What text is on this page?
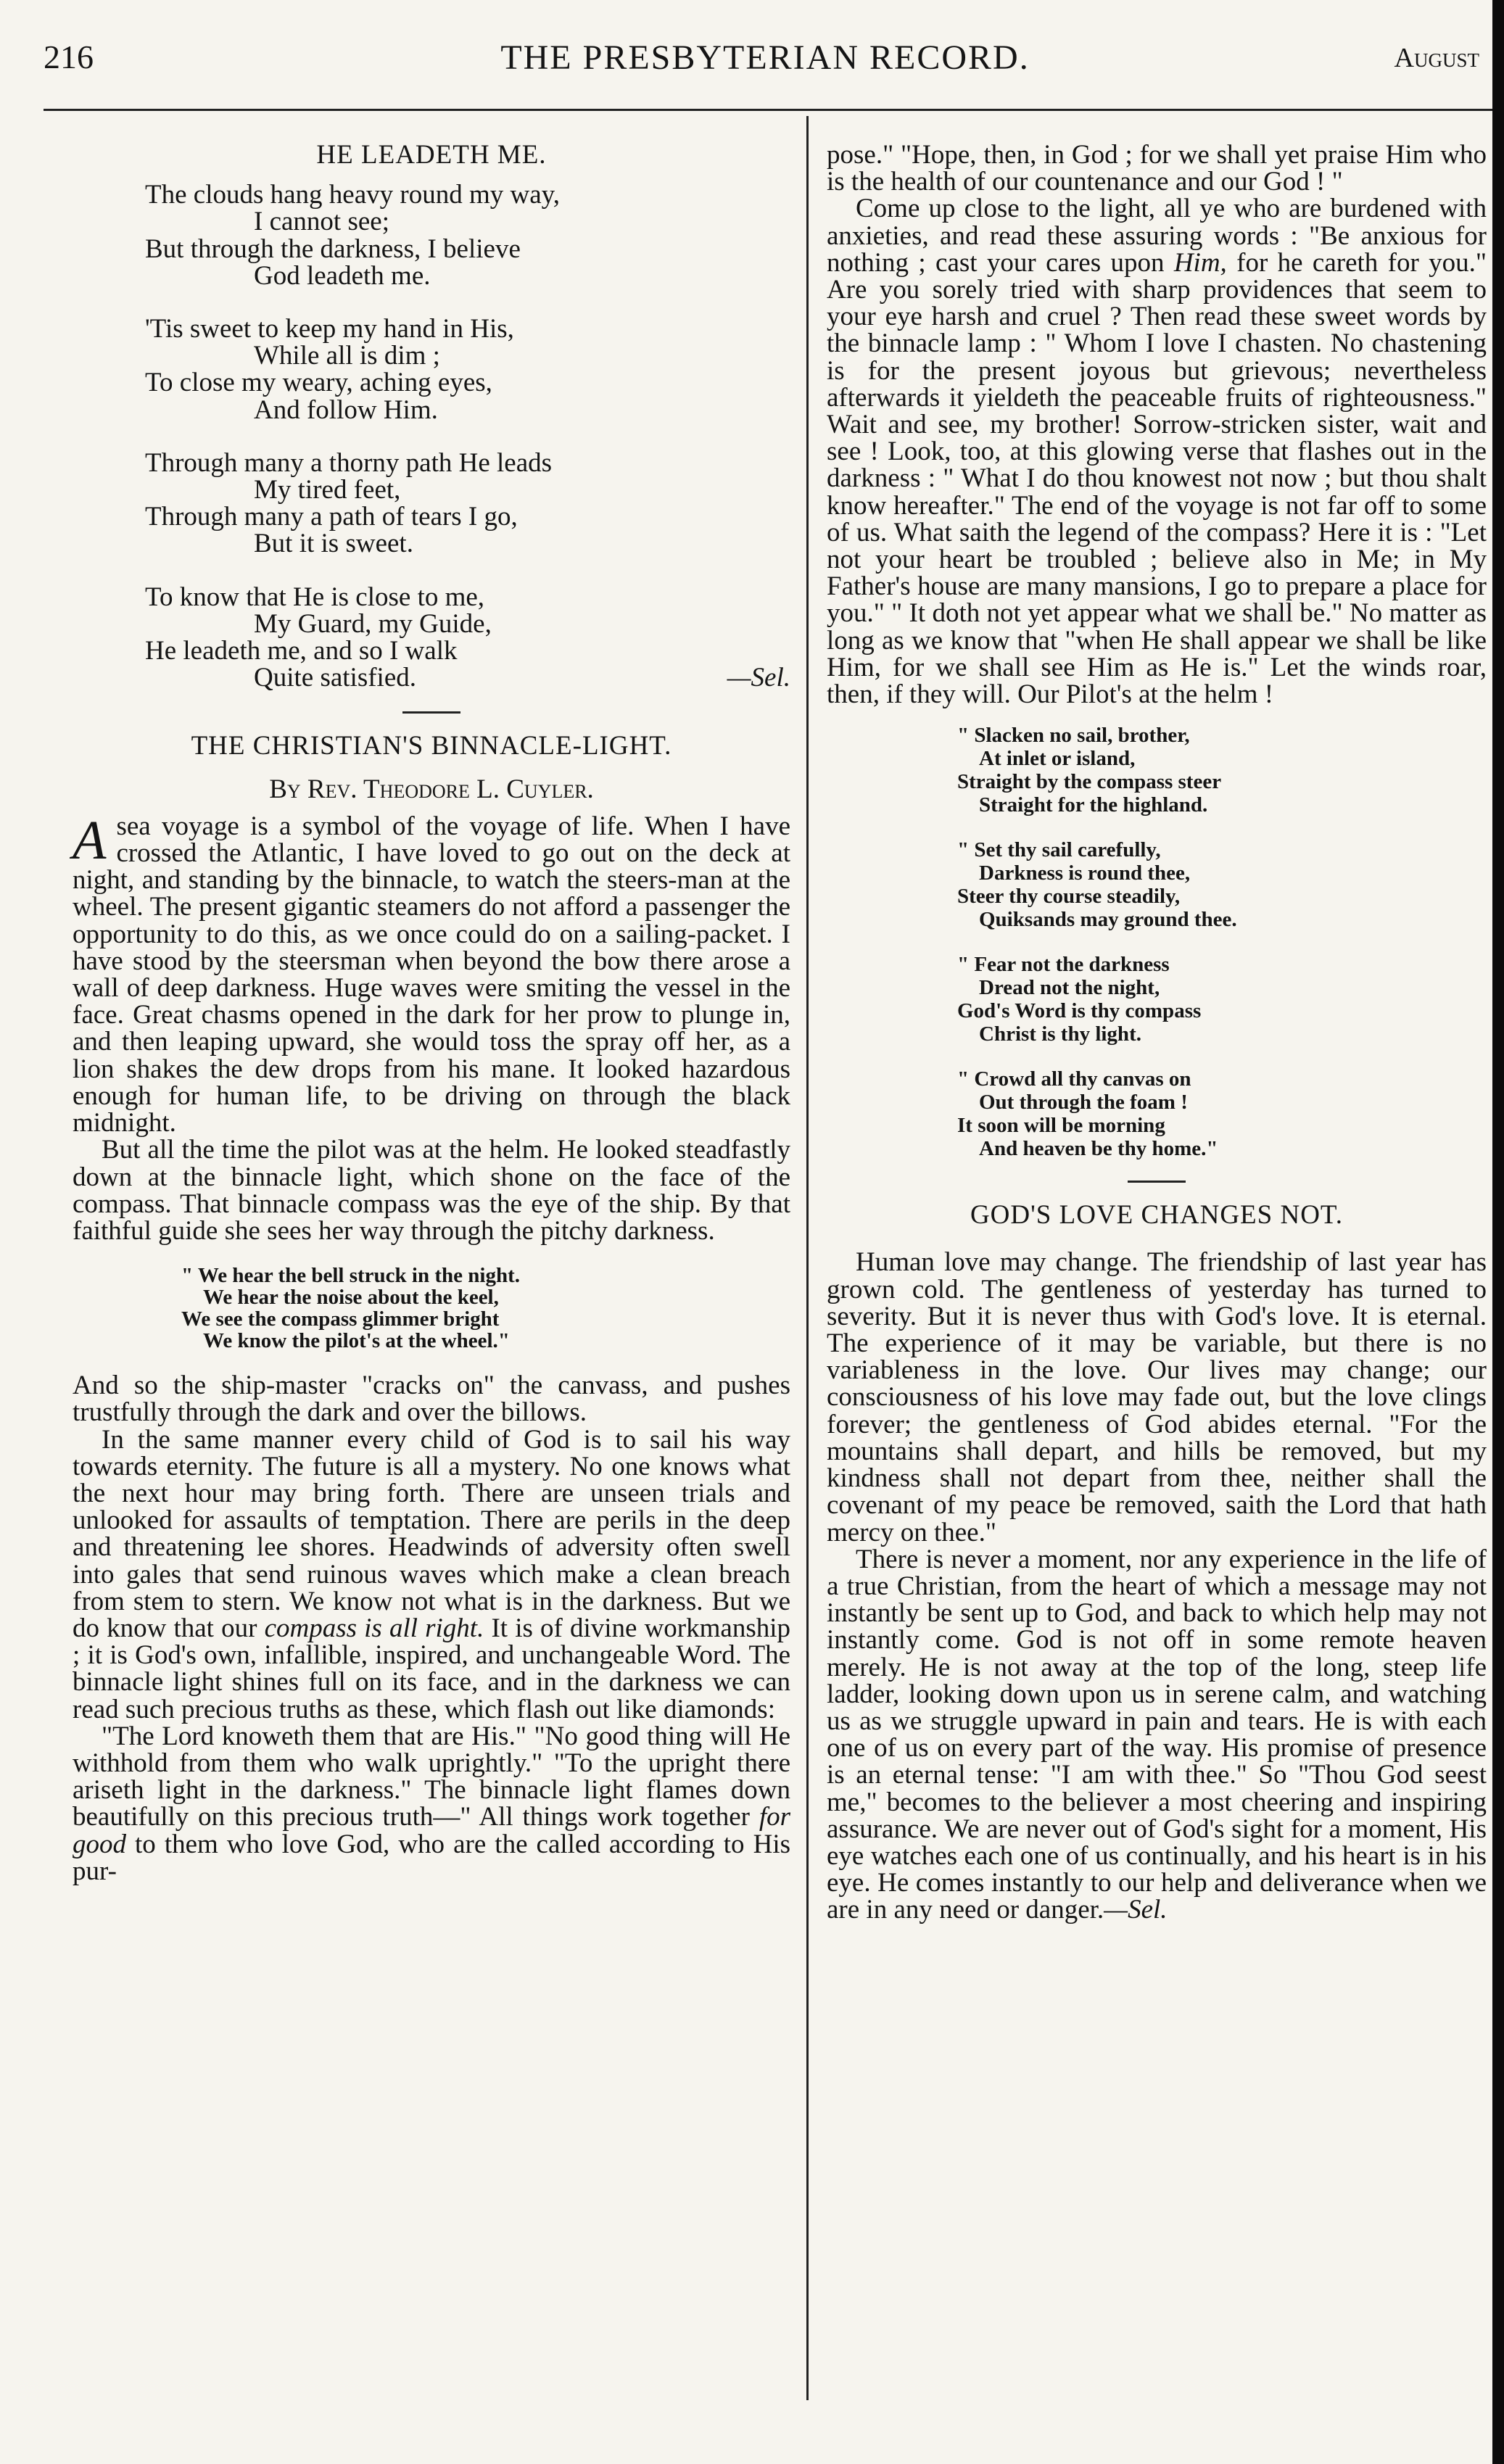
216	THE PRESBYTERIAN RECORD.	August
HE LEADETH ME.
The clouds hang heavy round my way,
I cannot see;
But through the darkness, I believe
God leadeth me.
'Tis sweet to keep my hand in His,
While all is dim ;
To close my weary, aching eyes,
And follow Him.
Through many a thorny path He leads
My tired feet,
Through many a path of tears I go,
But it is sweet.
To know that He is close to me,
My Guard, my Guide,
He leadeth me, and so I walk
Quite satisfied.	—Sel.
THE CHRISTIAN'S BINNACLE-LIGHT.
By Rev. Theodore L. Cuyler.

Asea voyage is a symbol of the voyage of life. When I have crossed the Atlantic, I have loved to go out on the deck at night, and standing by the binnacle, to watch the steers-man at the wheel. The present gigantic steamers do not afford a passenger the opportunity to do this, as we once could do on a sailing-packet. I have stood by the steersman when beyond the bow there arose a wall of deep darkness. Huge waves were smiting the vessel in the face. Great chasms opened in the dark for her prow to plunge in, and then leaping upward, she would toss the spray off her, as a lion shakes the dew drops from his mane. It looked hazardous enough for human life, to be driving on through the black midnight.

But all the time the pilot was at the helm. He looked steadfastly down at the binnacle light, which shone on the face of the compass. That binnacle compass was the eye of the ship. By that faithful guide she sees her way through the pitchy darkness.

" We hear the bell struck in the night.
We hear the noise about the keel,
We see the compass glimmer bright
We know the pilot's at the wheel."

And so the ship-master "cracks on" the canvass, and pushes trustfully through the dark and over the billows.

In the same manner every child of God is to sail his way towards eternity. The future is all a mystery. No one knows what the next hour may bring forth. There are unseen trials and unlooked for assaults of temptation. There are perils in the deep and threatening lee shores. Headwinds of adversity often swell into gales that send ruinous waves which make a clean breach from stem to stern. We know not what is in the darkness. But we do know that our compass is all right. It is of divine workmanship ; it is God's own, infallible, inspired, and unchangeable Word. The binnacle light shines full on its face, and in the darkness we can read such precious truths as these, which flash out like diamonds:

"The Lord knoweth them that are His." "No good thing will He withhold from them who walk uprightly." "To the upright there ariseth light in the darkness." The binnacle light flames down beautifully on this precious truth—" All things work together for good to them who love God, who are the called according to His pur-

pose." "Hope, then, in God ; for we shall yet praise Him who is the health of our countenance and our God ! "

Come up close to the light, all ye who are burdened with anxieties, and read these assuring words : "Be anxious for nothing ; cast your cares upon Him, for he careth for you." Are you sorely tried with sharp providences that seem to your eye harsh and cruel ? Then read these sweet words by the binnacle lamp : " Whom I love I chasten. No chastening is for the present joyous but grievous; nevertheless afterwards it yieldeth the peaceable fruits of righteousness." Wait and see, my brother! Sorrow-stricken sister, wait and see ! Look, too, at this glowing verse that flashes out in the darkness : " What I do thou knowest not now ; but thou shalt know hereafter." The end of the voyage is not far off to some of us. What saith the legend of the compass? Here it is : "Let not your heart be troubled ; believe also in Me; in My Father's house are many mansions, I go to prepare a place for you." " It doth not yet appear what we shall be." No matter as long as we know that "when He shall appear we shall be like Him, for we shall see Him as He is." Let the winds roar, then, if they will. Our Pilot's at the helm !

" Slacken no sail, brother,
At inlet or island,
Straight by the compass steer
Straight for the highland.
" Set thy sail carefully,
Darkness is round thee,
Steer thy course steadily,
Quiksands may ground thee.
" Fear not the darkness
Dread not the night,
God's Word is thy compass
Christ is thy light.
" Crowd all thy canvas on
Out through the foam !
It soon will be morning
And heaven be thy home."
GOD'S LOVE CHANGES NOT.

Human love may change. The friendship of last year has grown cold. The gentleness of yesterday has turned to severity. But it is never thus with God's love. It is eternal. The experience of it may be variable, but there is no variableness in the love. Our lives may change; our consciousness of his love may fade out, but the love clings forever; the gentleness of God abides eternal. "For the mountains shall depart, and hills be removed, but my kindness shall not depart from thee, neither shall the covenant of my peace be removed, saith the Lord that hath mercy on thee."

There is never a moment, nor any experience in the life of a true Christian, from the heart of which a message may not instantly be sent up to God, and back to which help may not instantly come. God is not off in some remote heaven merely. He is not away at the top of the long, steep life ladder, looking down upon us in serene calm, and watching us as we struggle upward in pain and tears. He is with each one of us on every part of the way. His promise of presence is an eternal tense: "I am with thee." So "Thou God seest me," becomes to the believer a most cheering and inspiring assurance. We are never out of God's sight for a moment, His eye watches each one of us continually, and his heart is in his eye. He comes instantly to our help and deliverance when we are in any need or danger.—Sel.
